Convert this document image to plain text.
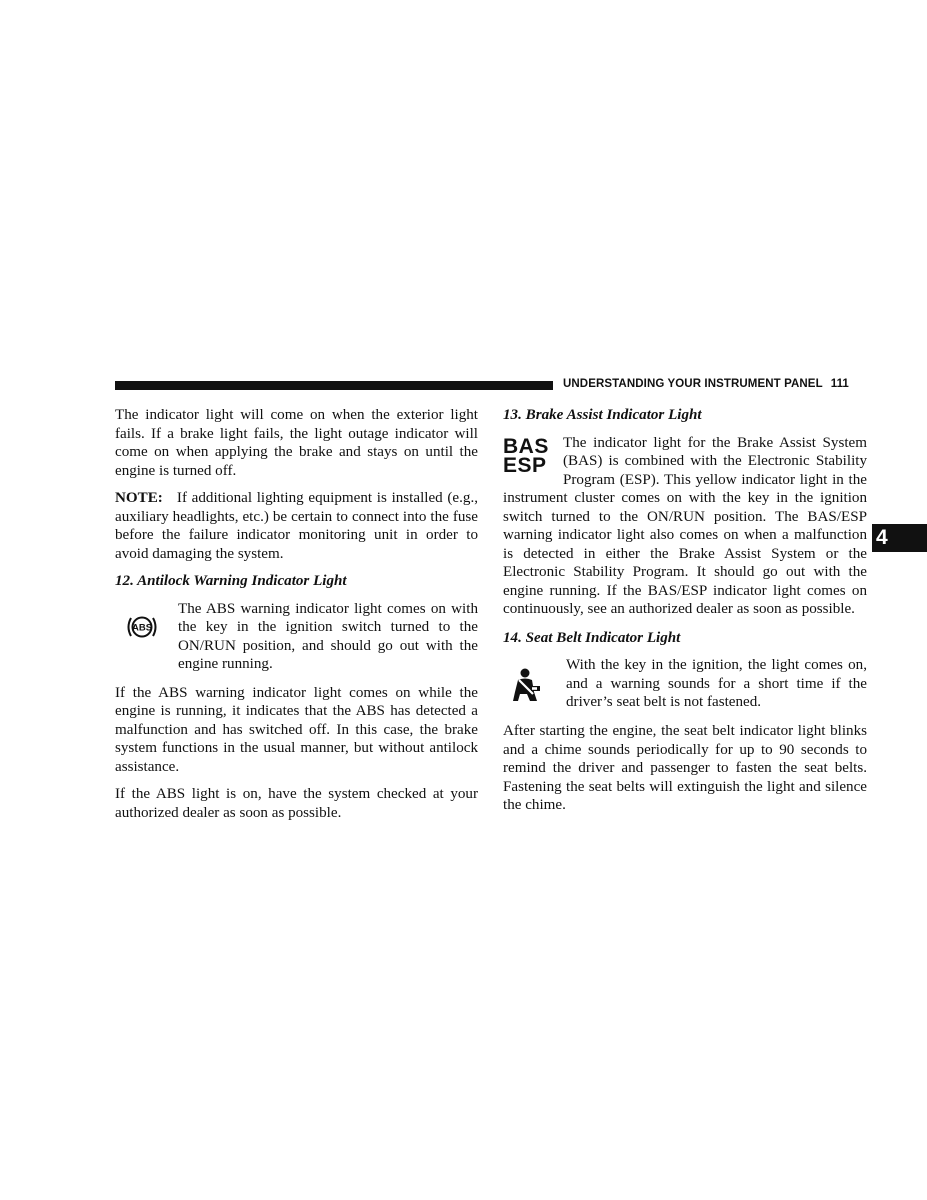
UNDERSTANDING YOUR INSTRUMENT PANEL 111
4

The indicator light will come on when the exterior light fails. If a brake light fails, the light outage indicator will come on when applying the brake and stays on until the engine is turned off.

NOTE: If additional lighting equipment is installed (e.g., auxiliary headlights, etc.) be certain to connect into the fuse before the failure indicator monitoring unit in order to avoid damaging the system.

12. Antilock Warning Indicator Light

ABS

The ABS warning indicator light comes on with the key in the ignition switch turned to the ON/RUN position, and should go out with the engine running.

If the ABS warning indicator light comes on while the engine is running, it indicates that the ABS has detected a malfunction and has switched off. In this case, the brake system functions in the usual manner, but without antilock assistance.

If the ABS light is on, have the system checked at your authorized dealer as soon as possible.

13. Brake Assist Indicator Light

BAS
ESP

The indicator light for the Brake Assist System (BAS) is combined with the Electronic Stability Program (ESP). This yellow indicator light in the instrument cluster comes on with the key in the ignition switch turned to the ON/RUN position. The BAS/ESP warning indicator light also comes on when a malfunction is detected in either the Brake Assist System or the Electronic Stability Program. It should go out with the engine running. If the BAS/ESP indicator light comes on continuously, see an authorized dealer as soon as possible.

14. Seat Belt Indicator Light

With the key in the ignition, the light comes on, and a warning sounds for a short time if the driver’s seat belt is not fastened.

After starting the engine, the seat belt indicator light blinks and a chime sounds periodically for up to 90 seconds to remind the driver and passenger to fasten the seat belts. Fastening the seat belts will extinguish the light and silence the chime.
